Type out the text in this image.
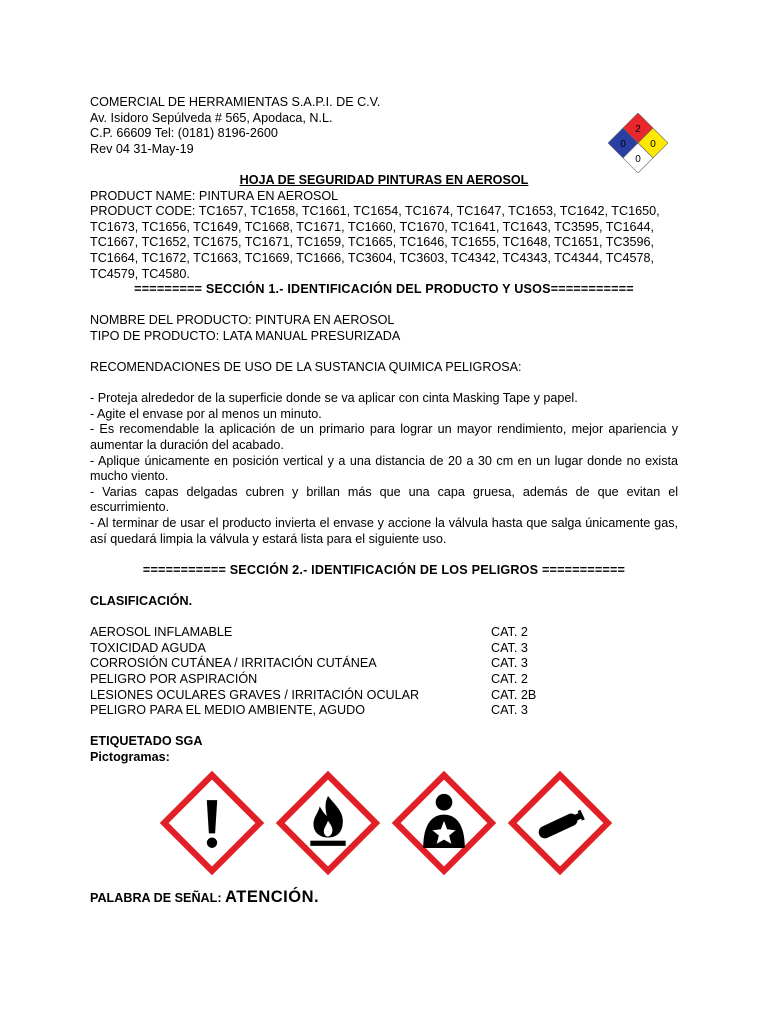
2
0 0
0
COMERCIAL DE HERRAMIENTAS S.A.P.I. DE C.V.
Av. Isidoro Sepúlveda # 565, Apodaca, N.L.
C.P. 66609 Tel: (0181) 8196-2600
Rev 04 31-May-19
HOJA DE SEGURIDAD PINTURAS EN AEROSOL
PRODUCT NAME: PINTURA EN AEROSOL
PRODUCT CODE: TC1657, TC1658, TC1661, TC1654, TC1674, TC1647, TC1653, TC1642, TC1650,
TC1673, TC1656, TC1649, TC1668, TC1671, TC1660, TC1670, TC1641, TC1643, TC3595, TC1644,
TC1667, TC1652, TC1675, TC1671, TC1659, TC1665, TC1646, TC1655, TC1648, TC1651, TC3596,
TC1664, TC1672, TC1663, TC1669, TC1666, TC3604, TC3603, TC4342, TC4343, TC4344, TC4578,
TC4579, TC4580.
========= SECCIÓN 1.- IDENTIFICACIÓN DEL PRODUCTO Y USOS===========
NOMBRE DEL PRODUCTO: PINTURA EN AEROSOL
TIPO DE PRODUCTO: LATA MANUAL PRESURIZADA
RECOMENDACIONES DE USO DE LA SUSTANCIA QUIMICA PELIGROSA:
- Proteja alrededor de la superficie donde se va aplicar con cinta Masking Tape y papel.
- Agite el envase por al menos un minuto.
- Es recomendable la aplicación de un primario para lograr un mayor rendimiento, mejor apariencia y aumentar la duración del acabado.
- Aplique únicamente en posición vertical y a una distancia de 20 a 30 cm en un lugar donde no exista mucho viento.
- Varias capas delgadas cubren y brillan más que una capa gruesa, además de que evitan el escurrimiento.
- Al terminar de usar el producto invierta el envase y accione la válvula hasta que salga únicamente gas, así quedará limpia la válvula y estará lista para el siguiente uso.
=========== SECCIÓN 2.- IDENTIFICACIÓN DE LOS PELIGROS ===========
CLASIFICACIÓN.
AEROSOL INFLAMABLE	CAT. 2
TOXICIDAD AGUDA	CAT. 3
CORROSIÓN CUTÁNEA / IRRITACIÓN CUTÁNEA	CAT. 3
PELIGRO POR ASPIRACIÓN	CAT. 2
LESIONES OCULARES GRAVES / IRRITACIÓN OCULAR	CAT. 2B
PELIGRO PARA EL MEDIO AMBIENTE, AGUDO	CAT. 3
ETIQUETADO SGA
Pictogramas:
PALABRA DE SEÑAL: ATENCIÓN.
